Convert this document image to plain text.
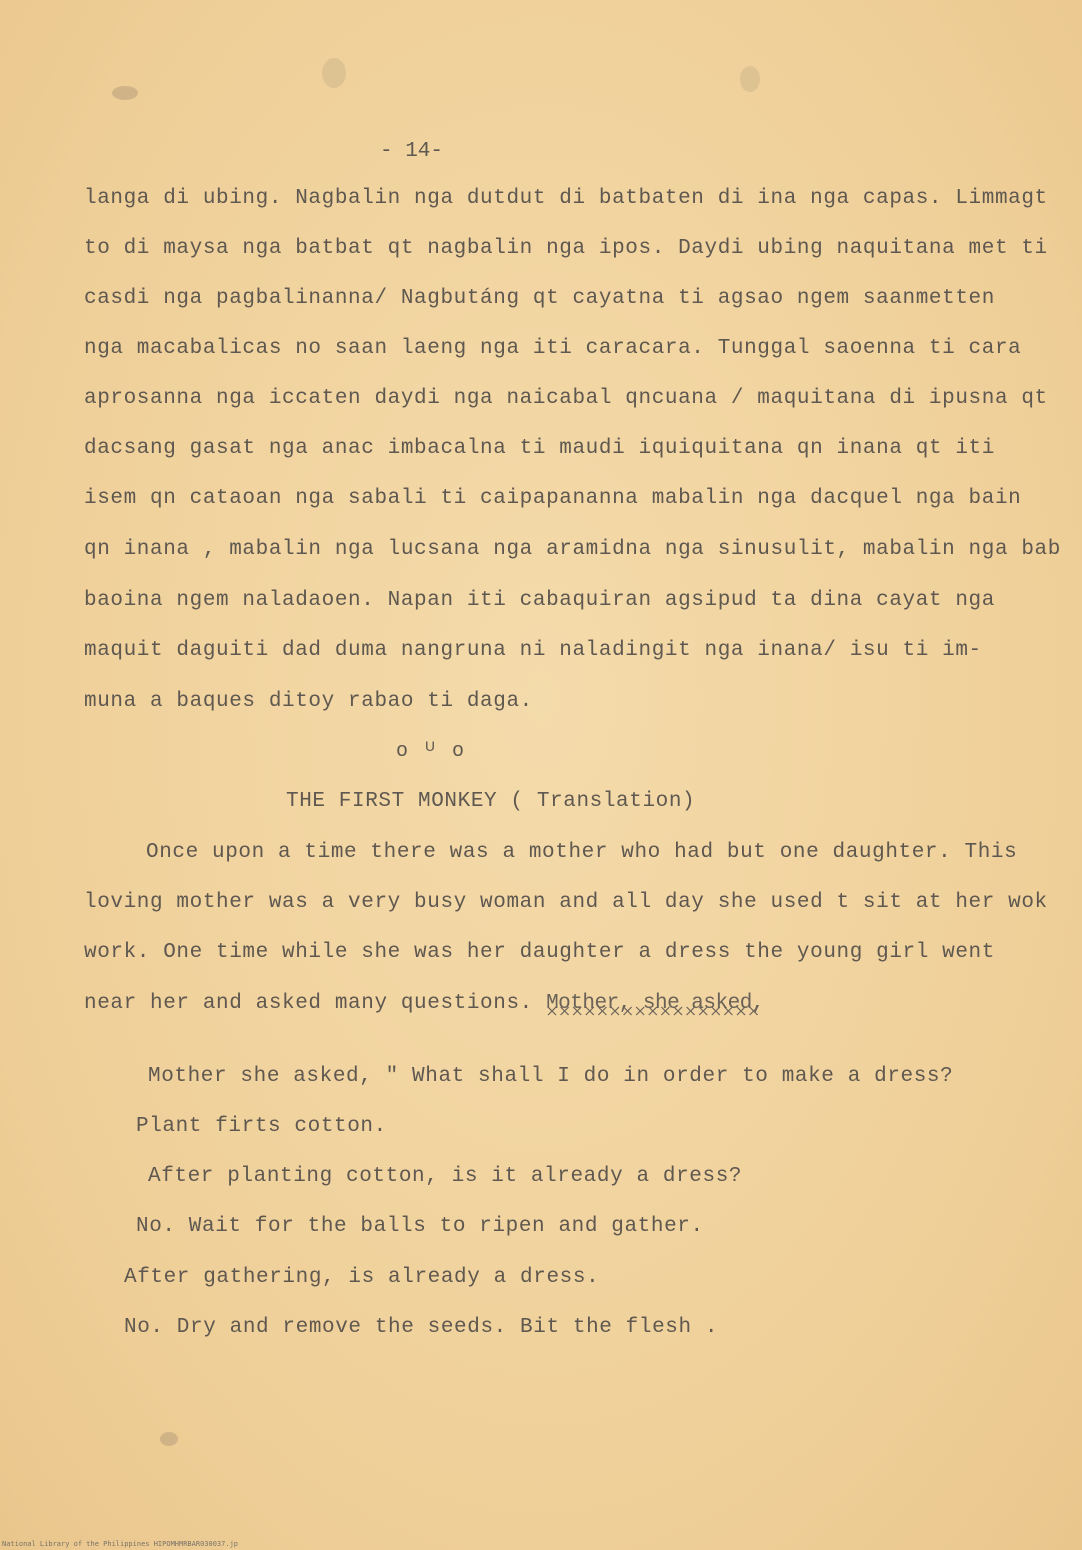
- 14-
langa di ubing. Nagbalin nga dutdut di batbaten di ina nga capas. Limmagt
to di maysa nga batbat qt nagbalin nga ipos. Daydi ubing naquitana met ti
casdi nga pagbalinanna/ Nagbutáng qt cayatna ti agsao ngem saanmetten
nga macabalicas no saan laeng nga iti caracara. Tunggal saoenna ti cara
aprosanna nga iccaten daydi nga naicabal qncuana / maquitana di ipusna qt
dacsang gasat nga anac imbacalna ti maudi iquiquitana qn inana qt iti
isem qn cataoan nga sabali ti caipapananna mabalin nga dacquel nga bain
qn inana , mabalin nga lucsana nga aramidna nga sinusulit, mabalin nga bab
baoina ngem naladaoen. Napan iti cabaquiran agsipud ta dina cayat nga
maquit daguiti dad duma nangruna ni naladingit nga inana/ isu ti im-
muna a baques ditoy rabao ti daga.
o ᵁ o
THE FIRST MONKEY ( Translation)
Once upon a time there was a mother who had but one daughter. This
loving mother was a very busy woman and all day she used t sit at her wok
work. One time while she was her daughter a dress the young girl went
near her and asked many questions. Mother, she asked,
Mother she asked, " What shall I do in order to make a dress?
Plant firts cotton.
After planting cotton, is it already a dress?
No. Wait for the balls to ripen and gather.
After gathering, is already a dress.
No. Dry and remove the seeds. Bit the flesh .
National Library of the Philippines HIPOMHMRBAR030037.jp
